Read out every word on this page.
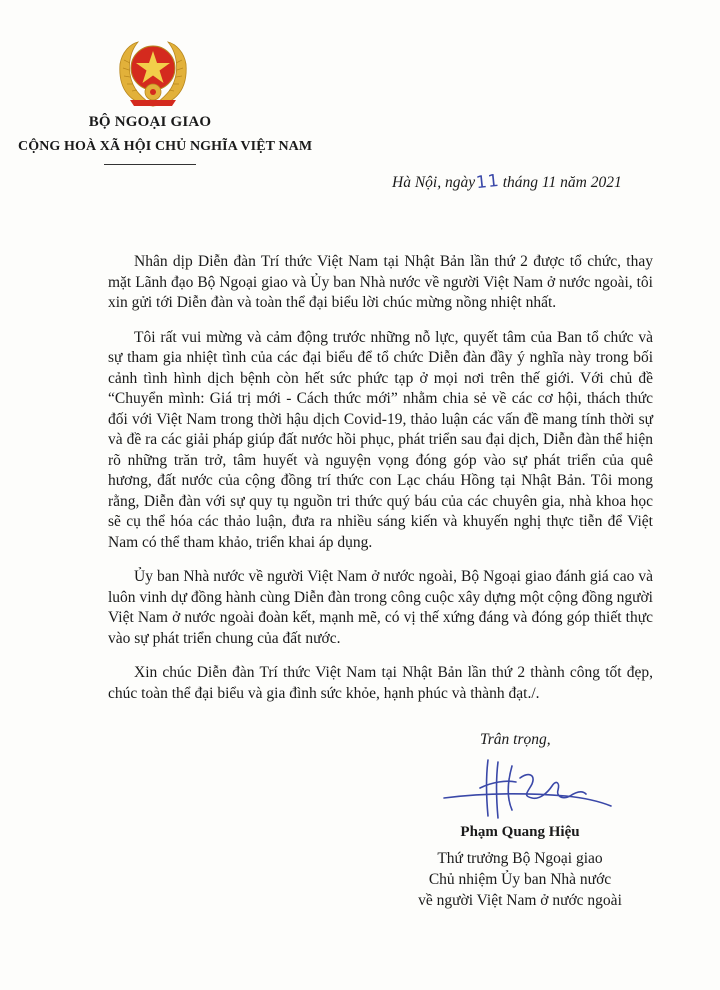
BỘ NGOẠI GIAO
CỘNG HOÀ XÃ HỘI CHỦ NGHĨA VIỆT NAM
Hà Nội, ngày11 tháng 11 năm 2021

Nhân dịp Diễn đàn Trí thức Việt Nam tại Nhật Bản lần thứ 2 được tổ chức, thay mặt Lãnh đạo Bộ Ngoại giao và Ủy ban Nhà nước về người Việt Nam ở nước ngoài, tôi xin gửi tới Diễn đàn và toàn thể đại biểu lời chúc mừng nồng nhiệt nhất.

Tôi rất vui mừng và cảm động trước những nỗ lực, quyết tâm của Ban tổ chức và sự tham gia nhiệt tình của các đại biểu để tổ chức Diễn đàn đầy ý nghĩa này trong bối cảnh tình hình dịch bệnh còn hết sức phức tạp ở mọi nơi trên thế giới. Với chủ đề “Chuyển mình: Giá trị mới - Cách thức mới” nhằm chia sẻ về các cơ hội, thách thức đối với Việt Nam trong thời hậu dịch Covid-19, thảo luận các vấn đề mang tính thời sự và đề ra các giải pháp giúp đất nước hồi phục, phát triển sau đại dịch, Diễn đàn thể hiện rõ những trăn trở, tâm huyết và nguyện vọng đóng góp vào sự phát triển của quê hương, đất nước của cộng đồng trí thức con Lạc cháu Hồng tại Nhật Bản. Tôi mong rằng, Diễn đàn với sự quy tụ nguồn tri thức quý báu của các chuyên gia, nhà khoa học sẽ cụ thể hóa các thảo luận, đưa ra nhiều sáng kiến và khuyến nghị thực tiễn để Việt Nam có thể tham khảo, triển khai áp dụng.

Ủy ban Nhà nước về người Việt Nam ở nước ngoài, Bộ Ngoại giao đánh giá cao và luôn vinh dự đồng hành cùng Diễn đàn trong công cuộc xây dựng một cộng đồng người Việt Nam ở nước ngoài đoàn kết, mạnh mẽ, có vị thế xứng đáng và đóng góp thiết thực vào sự phát triển chung của đất nước.

Xin chúc Diễn đàn Trí thức Việt Nam tại Nhật Bản lần thứ 2 thành công tốt đẹp, chúc toàn thể đại biểu và gia đình sức khỏe, hạnh phúc và thành đạt./.

Trân trọng,
Phạm Quang Hiệu
Thứ trưởng Bộ Ngoại giao
Chủ nhiệm Ủy ban Nhà nước
về người Việt Nam ở nước ngoài
